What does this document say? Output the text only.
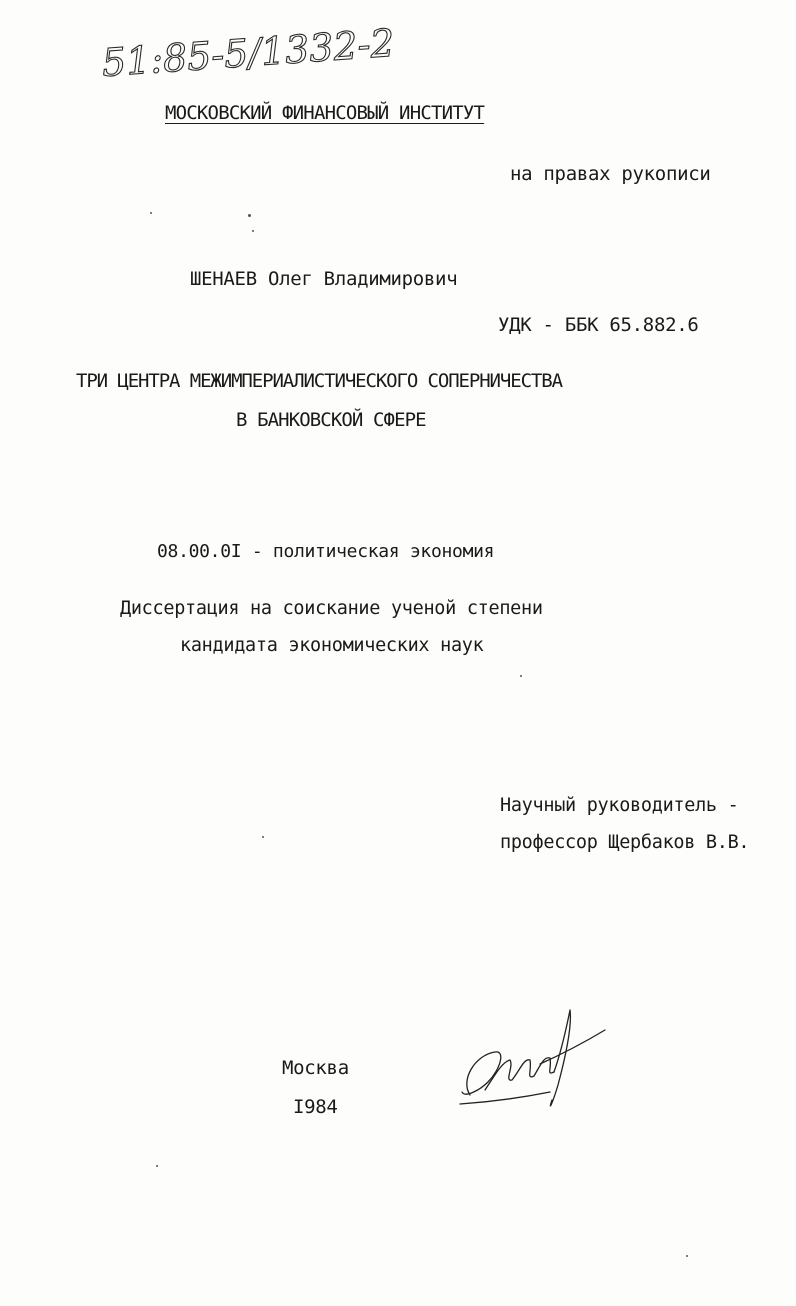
51:85-5/1332-2
МОСКОВСКИЙ ФИНАНСОВЫЙ ИНСТИТУТ
на правах рукописи
ШЕНАЕВ Олег Владимирович
УДК - ББК 65.882.6
ТРИ ЦЕНТРА МЕЖИМПЕРИАЛИСТИЧЕСКОГО СОПЕРНИЧЕСТВА
В БАНКОВСКОЙ СФЕРЕ
08.00.0I - политическая экономия
Диссертация на соискание ученой степени
кандидата экономических наук
Научный руководитель -
профессор Щербаков В.В.
Москва
I984
